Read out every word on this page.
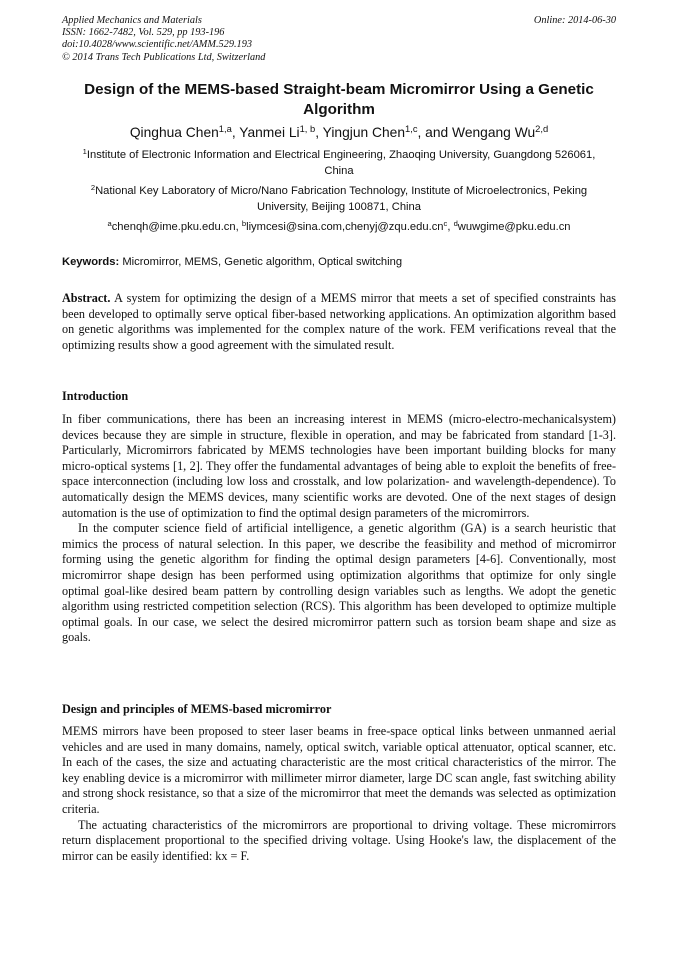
Applied Mechanics and Materials
ISSN: 1662-7482, Vol. 529, pp 193-196
doi:10.4028/www.scientific.net/AMM.529.193
© 2014 Trans Tech Publications Ltd, Switzerland
Online: 2014-06-30
Design of the MEMS-based Straight-beam Micromirror Using a Genetic Algorithm
Qinghua Chen$^{1,a}$, Yanmei Li$^{1, b}$, Yingjun Chen$^{1,c}$, and Wengang Wu$^{2,d}$
$^1$Institute of Electronic Information and Electrical Engineering, Zhaoqing University, Guangdong 526061, China
$^2$National Key Laboratory of Micro/Nano Fabrication Technology, Institute of Microelectronics, Peking University, Beijing 100871, China
$^a$chenqh@ime.pku.edu.cn, $^bliymcesi@\sin a.com,chenyj@zqu.edu.cn^c$, $^d$wuwgime@pku.edu.cn
Keywords: Micromirror, MEMS, Genetic algorithm, Optical switching
Abstract. A system for optimizing the design of a MEMS mirror that meets a set of specified constraints has been developed to optimally serve optical fiber-based networking applications. An optimization algorithm based on genetic algorithms was implemented for the complex nature of the work. FEM verifications reveal that the optimizing results show a good agreement with the simulated result.
Introduction

In fiber communications, there has been an increasing interest in MEMS (micro-electro-mechanicalsystem) devices because they are simple in structure, flexible in operation, and may be fabricated from standard [1-3]. Particularly, Micromirrors fabricated by MEMS technologies have been important building blocks for many micro-optical systems [1, 2]. They offer the fundamental advantages of being able to exploit the benefits of free-space interconnection (including low loss and crosstalk, and low polarization- and wavelength-dependence). To automatically design the MEMS devices, many scientific works are devoted. One of the next stages of design automation is the use of optimization to find the optimal design parameters of the micromirrors.

In the computer science field of artificial intelligence, a genetic algorithm (GA) is a search heuristic that mimics the process of natural selection. In this paper, we describe the feasibility and method of micromirror forming using the genetic algorithm for finding the optimal design parameters [4-6]. Conventionally, most micromirror shape design has been performed using optimization algorithms that optimize for only single optimal goal-like desired beam pattern by controlling design variables such as lengths. We adopt the genetic algorithm using restricted competition selection (RCS). This algorithm has been developed to optimize multiple optimal goals. In our case, we select the desired micromirror pattern such as torsion beam shape and size as goals.

Design and principles of MEMS-based micromirror

MEMS mirrors have been proposed to steer laser beams in free-space optical links between unmanned aerial vehicles and are used in many domains, namely, optical switch, variable optical attenuator, optical scanner, etc. In each of the cases, the size and actuating characteristic are the most critical characteristics of the mirror. The key enabling device is a micromirror with millimeter mirror diameter, large DC scan angle, fast switching ability and strong shock resistance, so that a size of the micromirror that meet the demands was selected as optimization criteria.

The actuating characteristics of the micromirrors are proportional to driving voltage. These micromirrors return displacement proportional to the specified driving voltage. Using Hooke's law, the displacement of the mirror can be easily identified: kx = F.
